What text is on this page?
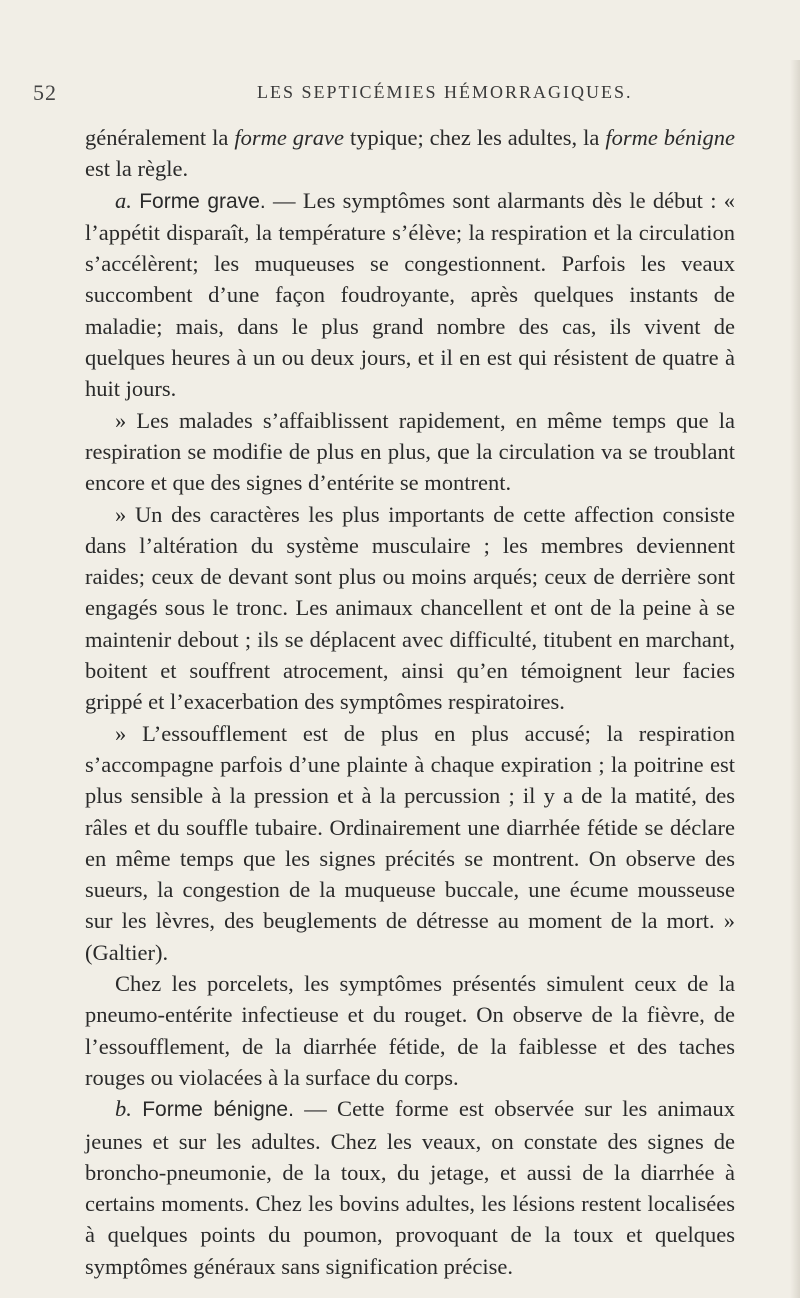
52	LES SEPTICÉMIES HÉMORRAGIQUES.

généralement la forme grave typique; chez les adultes, la forme bénigne est la règle.

a. Forme grave. — Les symptômes sont alarmants dès le début : « l’appétit disparaît, la température s’élève; la respiration et la circulation s’accélèrent; les muqueuses se congestionnent. Parfois les veaux succombent d’une façon foudroyante, après quelques instants de maladie; mais, dans le plus grand nombre des cas, ils vivent de quelques heures à un ou deux jours, et il en est qui résistent de quatre à huit jours.

» Les malades s’affaiblissent rapidement, en même temps que la respiration se modifie de plus en plus, que la circulation va se troublant encore et que des signes d’entérite se montrent.

» Un des caractères les plus importants de cette affection consiste dans l’altération du système musculaire ; les membres deviennent raides; ceux de devant sont plus ou moins arqués; ceux de derrière sont engagés sous le tronc. Les animaux chancellent et ont de la peine à se maintenir debout ; ils se déplacent avec difficulté, titubent en marchant, boitent et souffrent atrocement, ainsi qu’en témoignent leur facies grippé et l’exacerbation des symptômes respiratoires.

» L’essoufflement est de plus en plus accusé; la respiration s’accompagne parfois d’une plainte à chaque expiration ; la poitrine est plus sensible à la pression et à la percussion ; il y a de la matité, des râles et du souffle tubaire. Ordinairement une diarrhée fétide se déclare en même temps que les signes précités se montrent. On observe des sueurs, la congestion de la muqueuse buccale, une écume mousseuse sur les lèvres, des beuglements de détresse au moment de la mort. » (Galtier).

Chez les porcelets, les symptômes présentés simulent ceux de la pneumo-entérite infectieuse et du rouget. On observe de la fièvre, de l’essoufflement, de la diarrhée fétide, de la faiblesse et des taches rouges ou violacées à la surface du corps.

b. Forme bénigne. — Cette forme est observée sur les animaux jeunes et sur les adultes. Chez les veaux, on constate des signes de broncho-pneumonie, de la toux, du jetage, et aussi de la diarrhée à certains moments. Chez les bovins adultes, les lésions restent localisées à quelques points du poumon, provoquant de la toux et quelques symptômes généraux sans signification précise.
